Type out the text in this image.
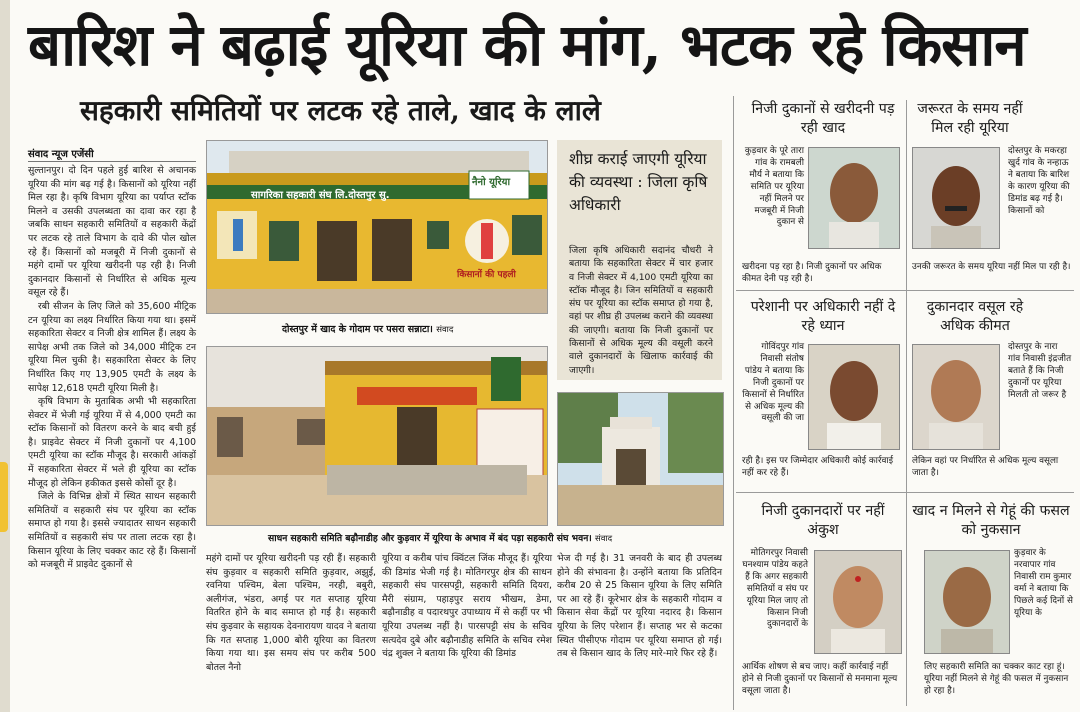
बारिश ने बढ़ाई यूरिया की मांग, भटक रहे किसान
सहकारी समितियों पर लटक रहे ताले, खाद के लाले
संवाद न्यूज एजेंसी

सुल्तानपुर। दो दिन पहले हुई बारिश से अचानक यूरिया की मांग बढ़ गई है। किसानों को यूरिया नहीं मिल रहा है। कृषि विभाग यूरिया का पर्याप्त स्टॉक मिलने व उसकी उपलब्धता का दावा कर रहा है जबकि साधन सहकारी समितियों व सहकारी केंद्रों पर लटक रहे ताले विभाग के दावे की पोल खोल रहे हैं। किसानों को मजबूरी में निजी दुकानों से महंगे दामों पर यूरिया खरीदनी पड़ रही है। निजी दुकानदार किसानों से निर्धारित से अधिक मूल्य वसूल रहे हैं।

रबी सीजन के लिए जिले को 35,600 मीट्रिक टन यूरिया का लक्ष्य निर्धारित किया गया था। इसमें सहकारिता सेक्टर व निजी क्षेत्र शामिल हैं। लक्ष्य के सापेक्ष अभी तक जिले को 34,000 मीट्रिक टन यूरिया मिल चुकी है। सहकारिता सेक्टर के लिए निर्धारित किए गए 13,905 एमटी के लक्ष्य के सापेक्ष 12,618 एमटी यूरिया मिली है।

कृषि विभाग के मुताबिक अभी भी सहकारिता सेक्टर में भेजी गई यूरिया में से 4,000 एमटी का स्टॉक किसानों को वितरण करने के बाद बची हुई है। प्राइवेट सेक्टर में निजी दुकानों पर 4,100 एमटी यूरिया का स्टॉक मौजूद है। सरकारी आंकड़ों में सहकारिता सेक्टर में भले ही यूरिया का स्टॉक मौजूद हो लेकिन हकीकत इससे कोसों दूर है।

जिले के विभिन्न क्षेत्रों में स्थित साधन सहकारी समितियों व सहकारी संघ पर यूरिया का स्टॉक समाप्त हो गया है। इससे ज्यादातर साधन सहकारी समितियों व सहकारी संघ पर ताला लटक रहा है। किसान यूरिया के लिए चक्कर काट रहे हैं। किसानों को मजबूरी में प्राइवेट दुकानों से

सागरिका सहकारी संघ लि.दोस्तपुर सु.
नैनो यूरिया
किसानों की पहली
दोस्तपुर में खाद के गोदाम पर पसरा सन्नाटा। संवाद
साधन सहकारी समिति बढ़ौनाडीह और कुड़वार में यूरिया के अभाव में बंद पड़ा सहकारी संघ भवन। संवाद
महंगे दामों पर यूरिया खरीदनी पड़ रही हैं। सहकारी संघ कुड़वार व सहकारी समिति कुड़वार, अझुई, रवनिया पश्चिम, बेला पश्चिम, नरही, बबुरी, अलीगंज, भंडरा, अगई पर गत सप्ताह यूरिया वितरित होने के बाद समाप्त हो गई है। सहकारी संघ कुड़वार के सहायक देवनारायण यादव ने बताया कि गत सप्ताह 1,000 बोरी यूरिया का वितरण किया गया था। इस समय संघ पर करीब 500 बोतल नैनो
यूरिया व करीब पांच क्विंटल जिंक मौजूद हैं। यूरिया की डिमांड भेजी गई है। मोतिगरपुर क्षेत्र की साधन सहकारी संघ पारसपट्टी, सहकारी समिति दियरा, मैरी संग्राम, पहाड़पुर सराय भीखम, डेमा, बढ़ौनाडीह व पदारथपुर उपाध्याय में से कहीं पर भी यूरिया उपलब्ध नहीं है। पारसपट्टी संघ के सचिव सत्यदेव दुबे और बढ़ौनाडीह समिति के सचिव रमेश चंद्र शुक्ल ने बताया कि यूरिया की डिमांड
भेज दी गई है। 31 जनवरी के बाद ही उपलब्ध होने की संभावना है। उन्होंने बताया कि प्रतिदिन करीब 20 से 25 किसान यूरिया के लिए समिति पर आ रहे हैं। कूरेभार क्षेत्र के सहकारी गोदाम व किसान सेवा केंद्रों पर यूरिया नदारद है। किसान यूरिया के लिए परेशान हैं। सप्ताह भर से कटका स्थित पीसीएफ गोदाम पर यूरिया समाप्त हो गई। तब से किसान खाद के लिए मारे-मारे फिर रहे हैं।
शीघ्र कराई जाएगी यूरिया की व्यवस्था : जिला कृषि अधिकारी
जिला कृषि अधिकारी सदानंद चौधरी ने बताया कि सहकारिता सेक्टर में चार हजार व निजी सेक्टर में 4,100 एमटी यूरिया का स्टॉक मौजूद है। जिन समितियों व सहकारी संघ पर यूरिया का स्टॉक समाप्त हो गया है, वहां पर शीघ्र ही उपलब्ध कराने की व्यवस्था की जाएगी। बताया कि निजी दुकानों पर किसानों से अधिक मूल्य की वसूली करने वाले दुकानदारों के खिलाफ कार्रवाई की जाएगी।
निजी दुकानों से खरीदनी पड़ रही खाद
कुड़वार के पूरे तारा गांव के रामबली मौर्य ने बताया कि समिति पर यूरिया नहीं मिलने पर मजबूरी में निजी दुकान से
खरीदना पड़ रहा है। निजी दुकानों पर अधिक कीमत देनी पड़ रही है।
जरूरत के समय नहीं मिल रही यूरिया
दोस्तपुर के मकरहा खुर्द गांव के नन्हाऊ ने बताया कि बारिश के कारण यूरिया की डिमांड बढ़ गई है। किसानों को
उनकी जरूरत के समय यूरिया नहीं मिल पा रही है।
परेशानी पर अधिकारी नहीं दे रहे ध्यान
गोविंदपुर गांव निवासी संतोष पांडेय ने बताया कि निजी दुकानों पर किसानों से निर्धारित से अधिक मूल्य की वसूली की जा
रही है। इस पर जिम्मेदार अधिकारी कोई कार्रवाई नहीं कर रहे हैं।
दुकानदार वसूल रहे अधिक कीमत
दोस्तपुर के नारा गांव निवासी इंद्रजीत बताते हैं कि निजी दुकानों पर यूरिया मिलती तो जरूर है
लेकिन वहां पर निर्धारित से अधिक मूल्य वसूला जाता है।
निजी दुकानदारों पर नहीं अंकुश
मोतिगरपुर निवासी घनश्याम पांडेय कहते हैं कि अगर सहकारी समितियों व संघ पर यूरिया मिल जाए तो किसान निजी दुकानदारों के
आर्थिक शोषण से बच जाए। कहीं कार्रवाई नहीं होने से निजी दुकानों पर किसानों से मनमाना मूल्य वसूला जाता है।
खाद न मिलने से गेहूं की फसल को नुकसान
कुड़वार के नरवापार गांव निवासी राम कुमार वर्मा ने बताया कि पिछले कई दिनों से यूरिया के
लिए सहकारी समिति का चक्कर काट रहा हूं। यूरिया नहीं मिलने से गेहूं की फसल में नुकसान हो रहा है।
